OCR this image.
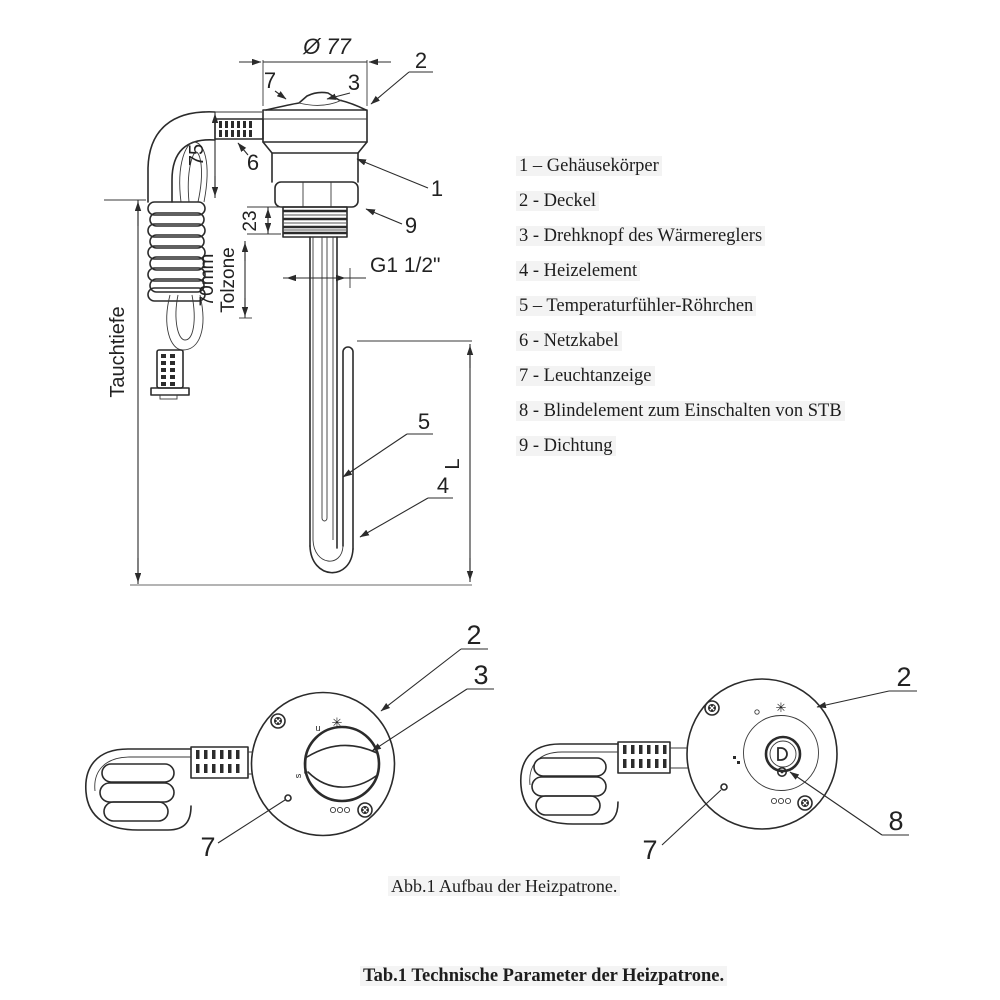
Ø 77
75
23
70mm Tolzone
Tauchtiefe
G1 1/2"
L
7	3
2
6
1
9
5
4
✳
u
s
2
3
7
✳
2
8
7
1 – Gehäusekörper
2 - Deckel
3 - Drehknopf des Wärmereglers
4 - Heizelement
5 – Temperaturfühler-Röhrchen
6 - Netzkabel
7 - Leuchtanzeige
8 - Blindelement zum Einschalten von STB
9 - Dichtung
Abb.1 Aufbau der Heizpatrone.
Tab.1 Technische Parameter der Heizpatrone.
